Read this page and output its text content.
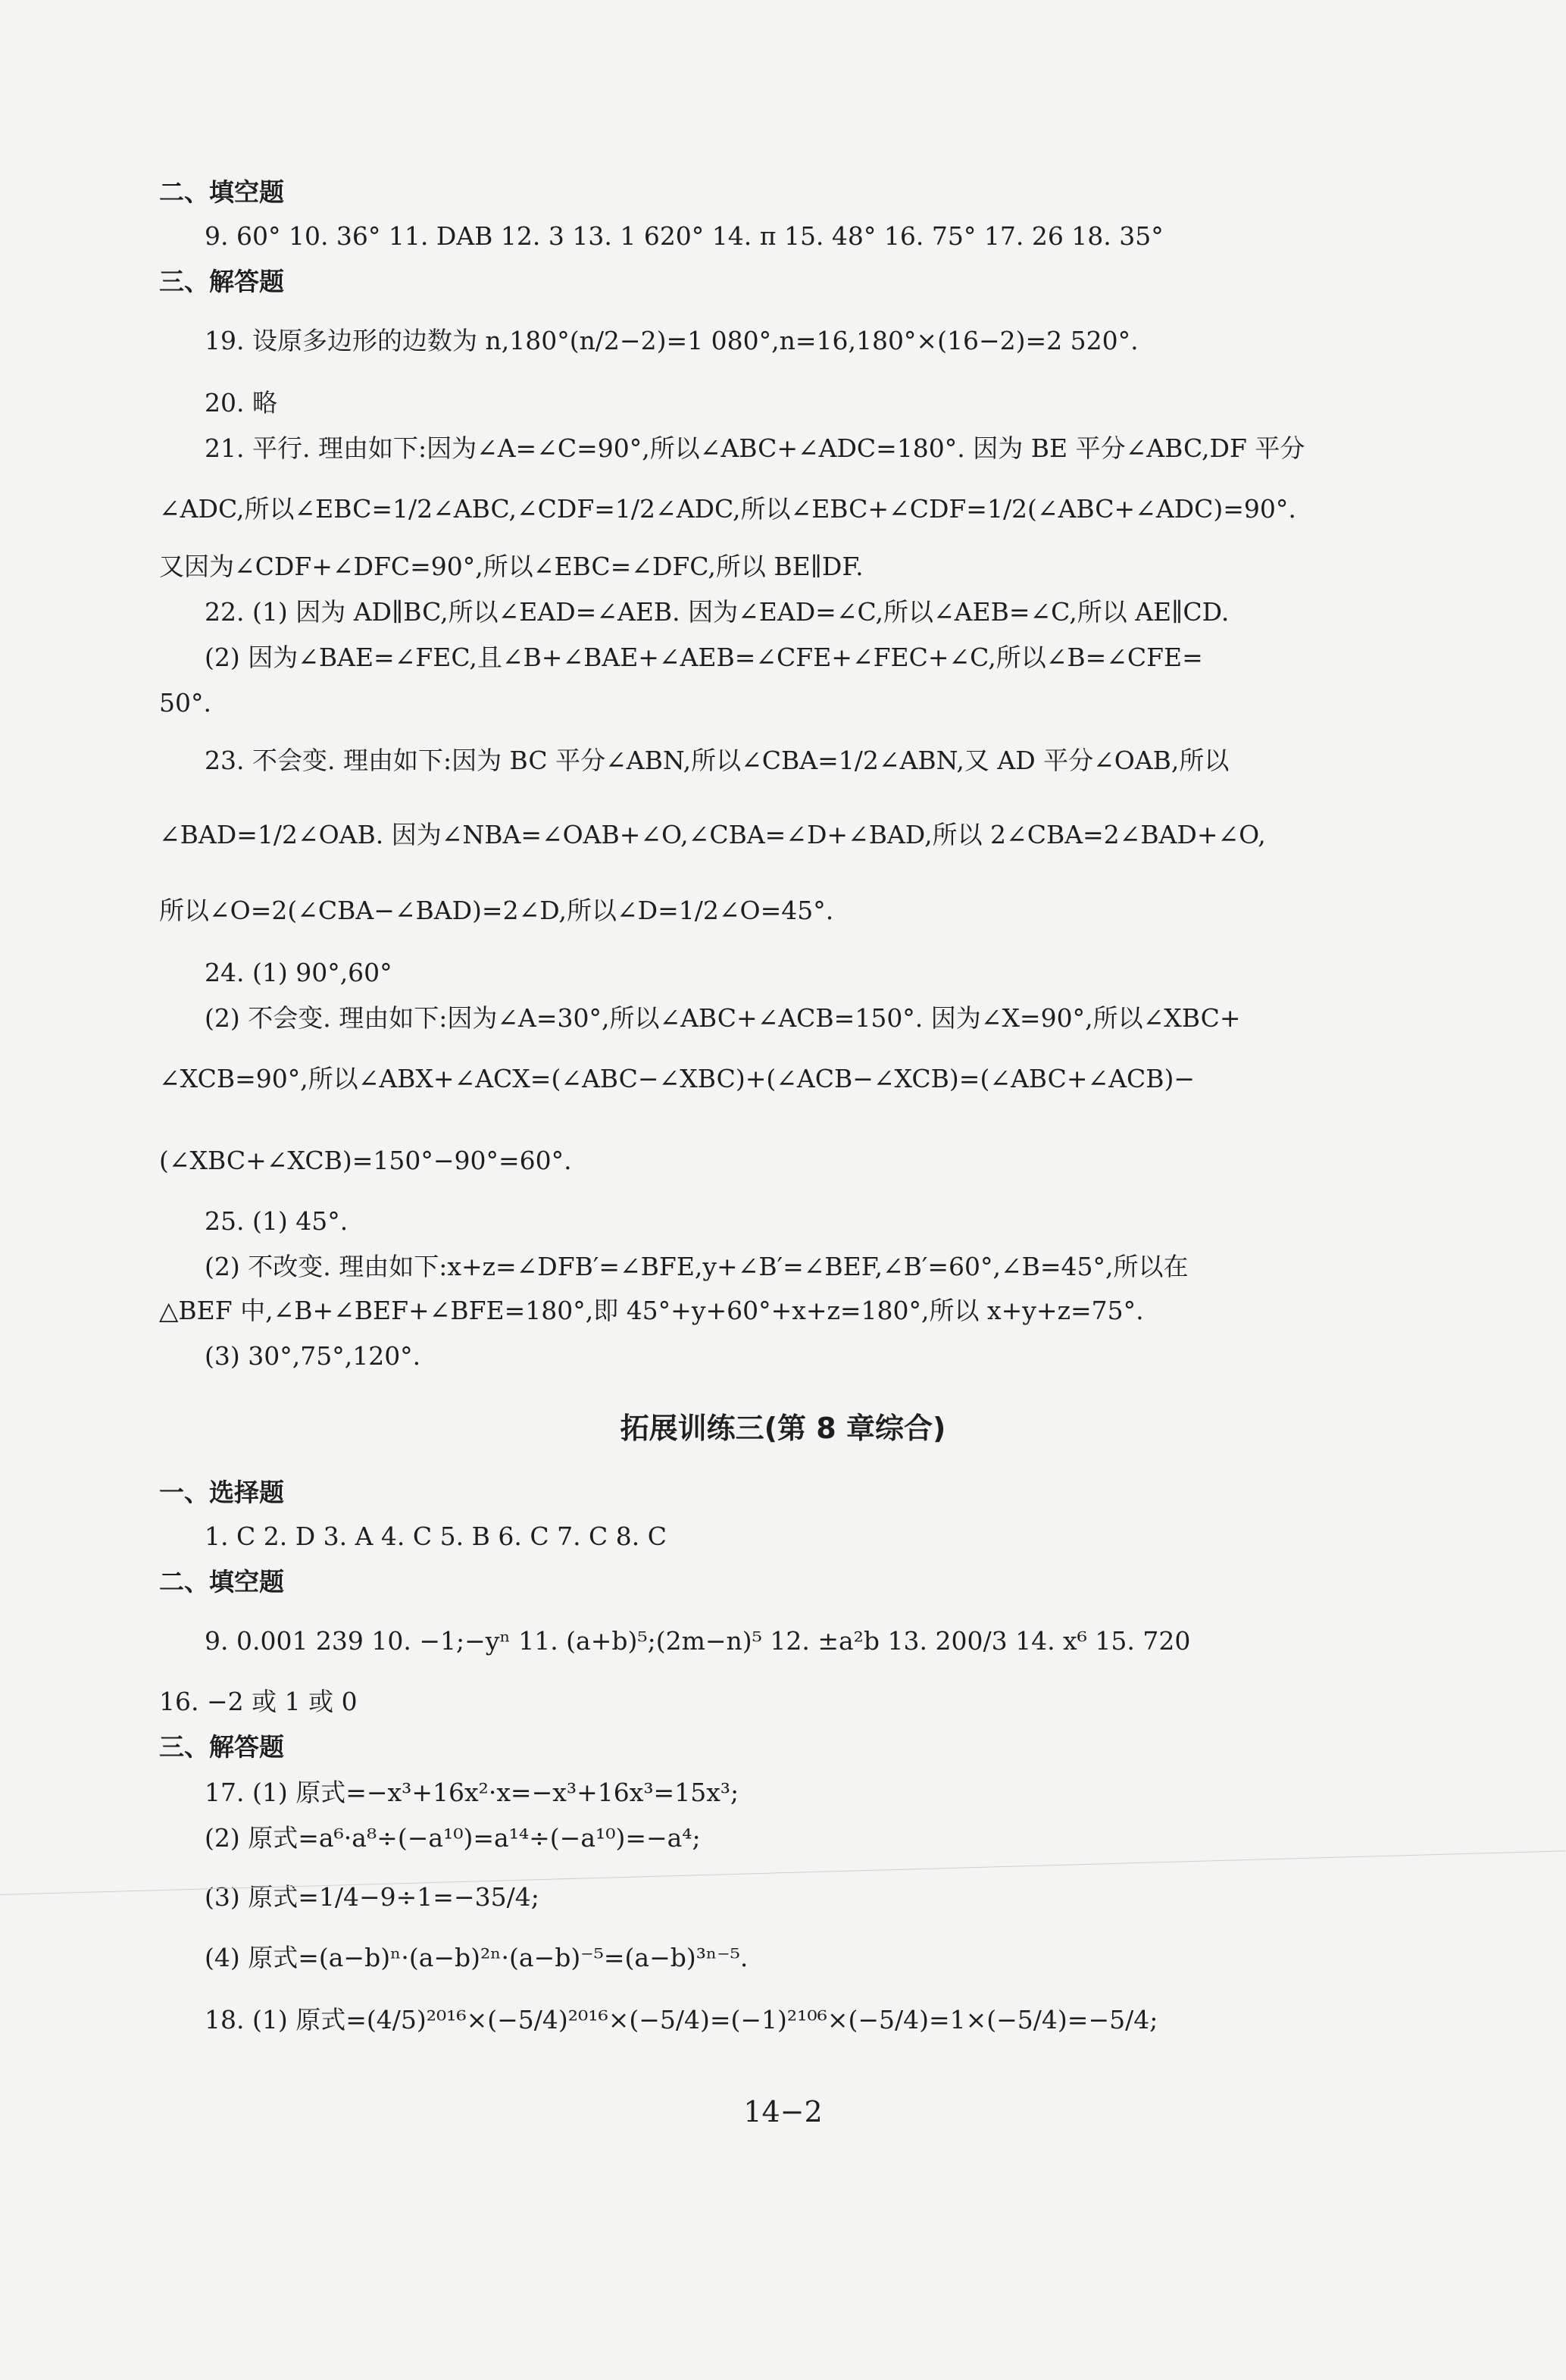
二、填空题
9. 60° 10. 36° 11. DAB 12. 3 13. 1 620° 14. π 15. 48° 16. 75° 17. 26 18. 35°
三、解答题
19. 设原多边形的边数为 n,180°(n/2−2)=1 080°,n=16,180°×(16−2)=2 520°.
20. 略
21. 平行. 理由如下:因为∠A=∠C=90°,所以∠ABC+∠ADC=180°. 因为 BE 平分∠ABC,DF 平分
∠ADC,所以∠EBC=1/2∠ABC,∠CDF=1/2∠ADC,所以∠EBC+∠CDF=1/2(∠ABC+∠ADC)=90°.
又因为∠CDF+∠DFC=90°,所以∠EBC=∠DFC,所以 BE∥DF.
22. (1) 因为 AD∥BC,所以∠EAD=∠AEB. 因为∠EAD=∠C,所以∠AEB=∠C,所以 AE∥CD.
(2) 因为∠BAE=∠FEC,且∠B+∠BAE+∠AEB=∠CFE+∠FEC+∠C,所以∠B=∠CFE=
50°.
23. 不会变. 理由如下:因为 BC 平分∠ABN,所以∠CBA=1/2∠ABN,又 AD 平分∠OAB,所以
∠BAD=1/2∠OAB. 因为∠NBA=∠OAB+∠O,∠CBA=∠D+∠BAD,所以 2∠CBA=2∠BAD+∠O,
所以∠O=2(∠CBA−∠BAD)=2∠D,所以∠D=1/2∠O=45°.
24. (1) 90°,60°
(2) 不会变. 理由如下:因为∠A=30°,所以∠ABC+∠ACB=150°. 因为∠X=90°,所以∠XBC+
∠XCB=90°,所以∠ABX+∠ACX=(∠ABC−∠XBC)+(∠ACB−∠XCB)=(∠ABC+∠ACB)−
(∠XBC+∠XCB)=150°−90°=60°.
25. (1) 45°.
(2) 不改变. 理由如下:x+z=∠DFB′=∠BFE,y+∠B′=∠BEF,∠B′=60°,∠B=45°,所以在
△BEF 中,∠B+∠BEF+∠BFE=180°,即 45°+y+60°+x+z=180°,所以 x+y+z=75°.
(3) 30°,75°,120°.
拓展训练三(第 8 章综合)
一、选择题
1. C 2. D 3. A 4. C 5. B 6. C 7. C 8. C
二、填空题
9. 0.001 239 10. −1;−yⁿ 11. (a+b)⁵;(2m−n)⁵ 12. ±a²b 13. 200/3 14. x⁶ 15. 720
16. −2 或 1 或 0
三、解答题
17. (1) 原式=−x³+16x²·x=−x³+16x³=15x³;
(2) 原式=a⁶·a⁸÷(−a¹⁰)=a¹⁴÷(−a¹⁰)=−a⁴;
(3) 原式=1/4−9÷1=−35/4;
(4) 原式=(a−b)ⁿ·(a−b)²ⁿ·(a−b)⁻⁵=(a−b)³ⁿ⁻⁵.
18. (1) 原式=(4/5)²⁰¹⁶×(−5/4)²⁰¹⁶×(−5/4)=(−1)²¹⁰⁶×(−5/4)=1×(−5/4)=−5/4;
14−2
